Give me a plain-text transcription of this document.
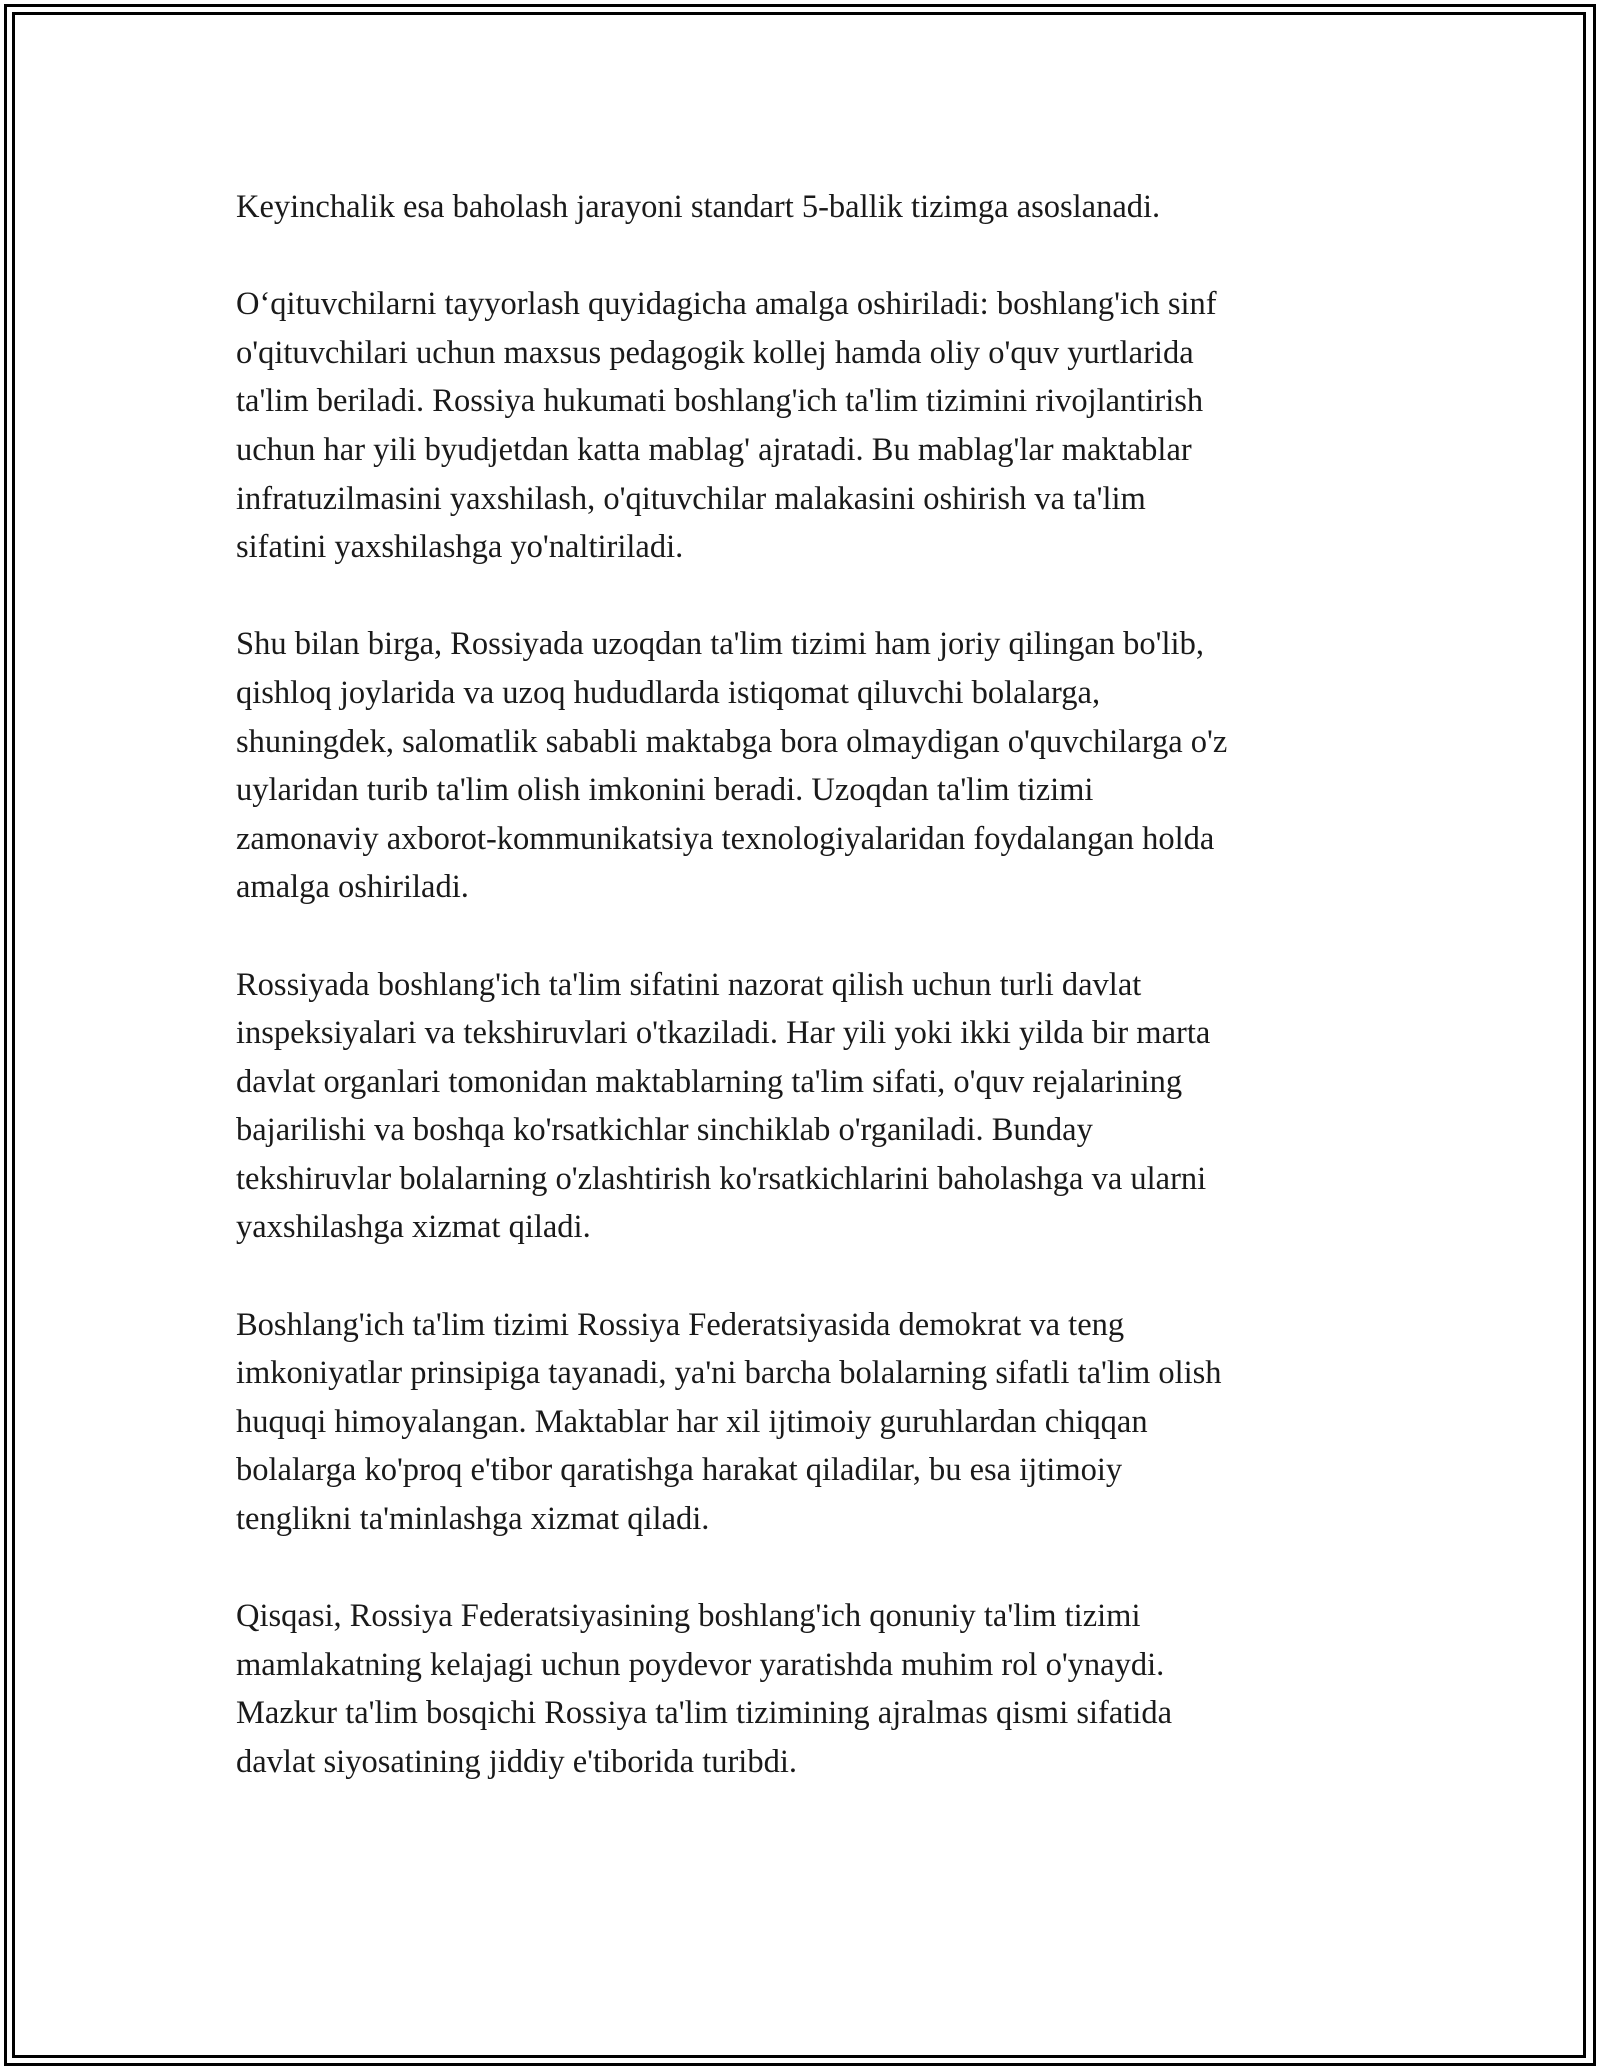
Keyinchalik esa baholash jarayoni standart 5-ballik tizimga asoslanadi.

O‘qituvchilarni tayyorlash quyidagicha amalga oshiriladi: boshlang'ich sinf
o'qituvchilari uchun maxsus pedagogik kollej hamda oliy o'quv yurtlarida
ta'lim beriladi. Rossiya hukumati boshlang'ich ta'lim tizimini rivojlantirish
uchun har yili byudjetdan katta mablag' ajratadi. Bu mablag'lar maktablar
infratuzilmasini yaxshilash, o'qituvchilar malakasini oshirish va ta'lim
sifatini yaxshilashga yo'naltiriladi.

Shu bilan birga, Rossiyada uzoqdan ta'lim tizimi ham joriy qilingan bo'lib,
qishloq joylarida va uzoq hududlarda istiqomat qiluvchi bolalarga,
shuningdek, salomatlik sababli maktabga bora olmaydigan o'quvchilarga o'z
uylaridan turib ta'lim olish imkonini beradi. Uzoqdan ta'lim tizimi
zamonaviy axborot-kommunikatsiya texnologiyalaridan foydalangan holda
amalga oshiriladi.

Rossiyada boshlang'ich ta'lim sifatini nazorat qilish uchun turli davlat
inspeksiyalari va tekshiruvlari o'tkaziladi. Har yili yoki ikki yilda bir marta
davlat organlari tomonidan maktablarning ta'lim sifati, o'quv rejalarining
bajarilishi va boshqa ko'rsatkichlar sinchiklab o'rganiladi. Bunday
tekshiruvlar bolalarning o'zlashtirish ko'rsatkichlarini baholashga va ularni
yaxshilashga xizmat qiladi.

Boshlang'ich ta'lim tizimi Rossiya Federatsiyasida demokrat va teng
imkoniyatlar prinsipiga tayanadi, ya'ni barcha bolalarning sifatli ta'lim olish
huquqi himoyalangan. Maktablar har xil ijtimoiy guruhlardan chiqqan
bolalarga ko'proq e'tibor qaratishga harakat qiladilar, bu esa ijtimoiy
tenglikni ta'minlashga xizmat qiladi.

Qisqasi, Rossiya Federatsiyasining boshlang'ich qonuniy ta'lim tizimi
mamlakatning kelajagi uchun poydevor yaratishda muhim rol o'ynaydi.
Mazkur ta'lim bosqichi Rossiya ta'lim tizimining ajralmas qismi sifatida
davlat siyosatining jiddiy e'tiborida turibdi.
